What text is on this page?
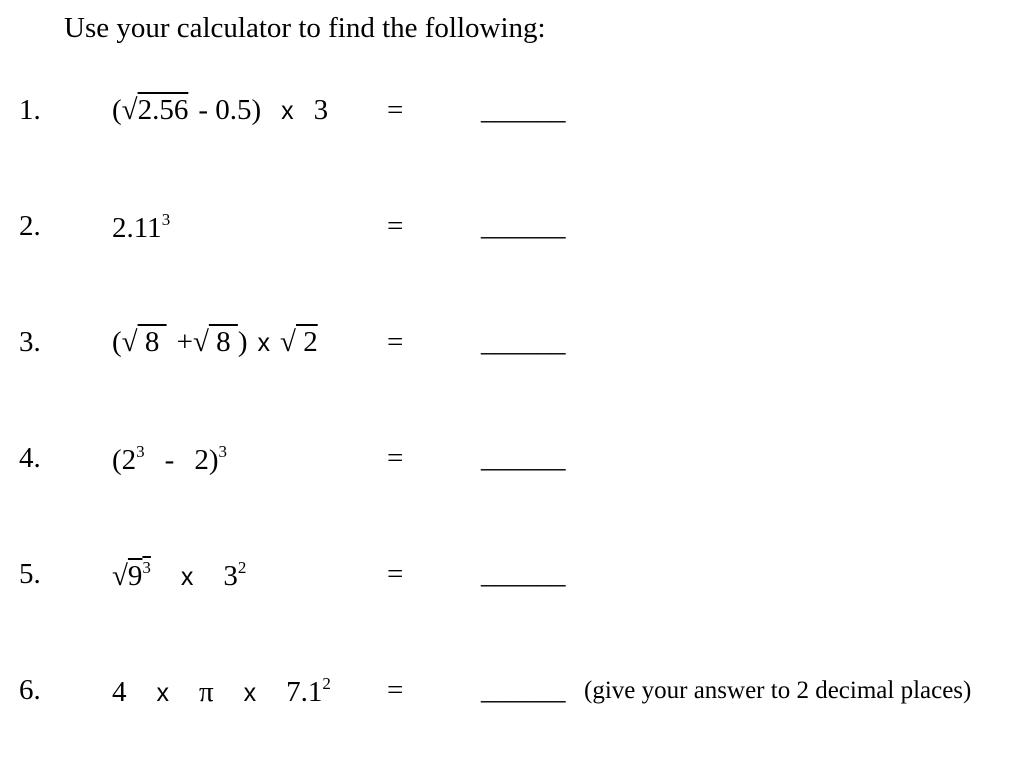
Use your calculator to find the following:
1. (√2.56 - 0.5) x 3 =	______
2. $2.11^3$	=	______
3. (√ 8 +√ 8 ) x √ 2 =	______
4. $(2^3 - 2)^3$	=	______
5. $√9^3$ x $3^2$	=	______
6. 4 x π x $7.1^2$ =	______ (give your answer to 2 decimal places)
